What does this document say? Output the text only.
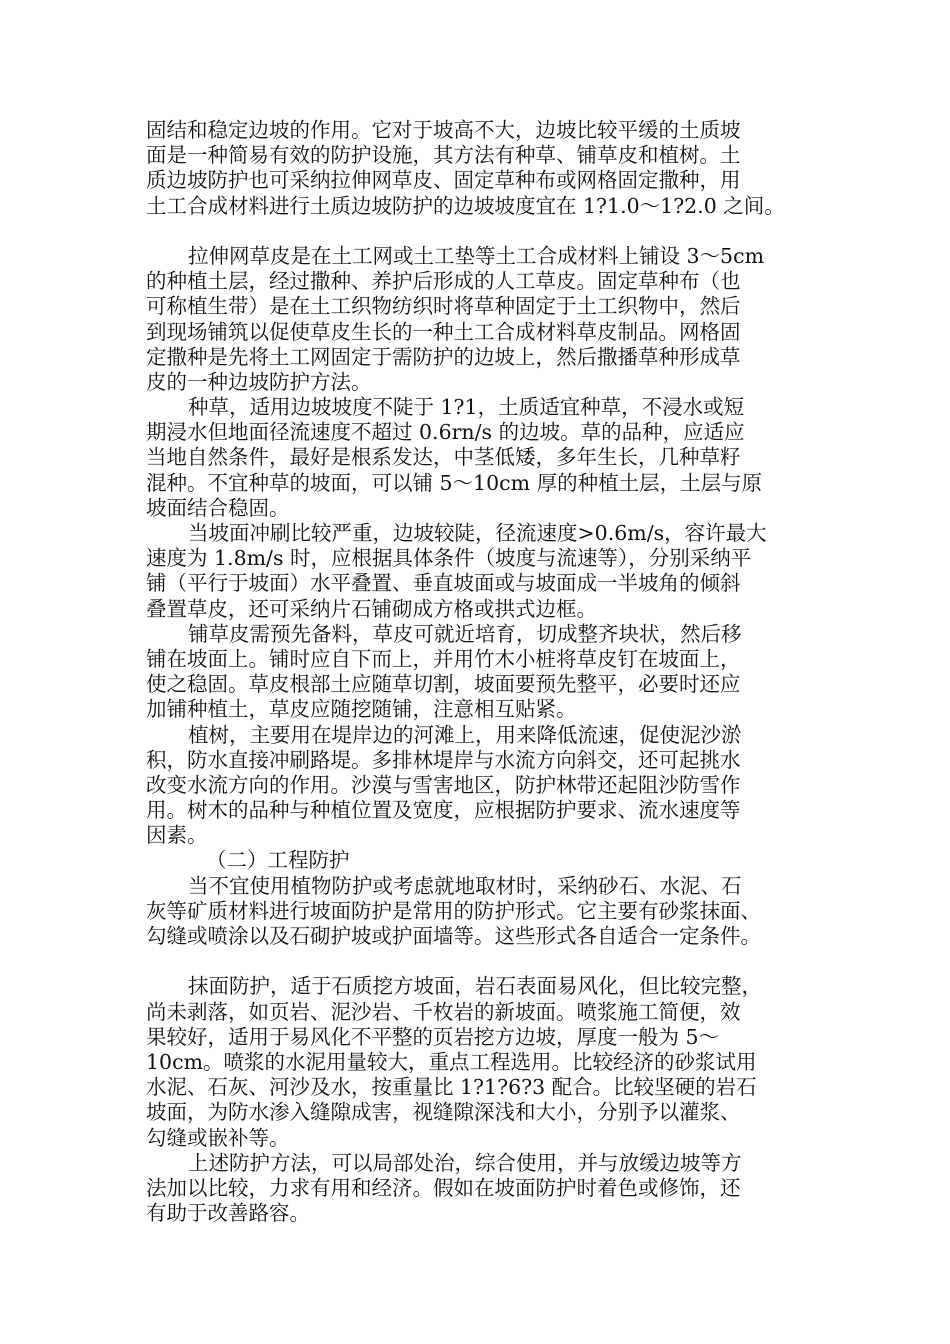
固结和稳定边坡的作用。它对于坡高不大，边坡比较平缓的土质坡
面是一种简易有效的防护设施，其方法有种草、铺草皮和植树。土
质边坡防护也可采纳拉伸网草皮、固定草种布或网格固定撒种，用
土工合成材料进行土质边坡防护的边坡坡度宜在 1?1.0～1?2.0 之间。
拉伸网草皮是在土工网或土工垫等土工合成材料上铺设 3～5cm
的种植土层，经过撒种、养护后形成的人工草皮。固定草种布（也
可称植生带）是在土工织物纺织时将草种固定于土工织物中，然后
到现场铺筑以促使草皮生长的一种土工合成材料草皮制品。网格固
定撒种是先将土工网固定于需防护的边坡上，然后撒播草种形成草
皮的一种边坡防护方法。
种草，适用边坡坡度不陡于 1?1，土质适宜种草，不浸水或短
期浸水但地面径流速度不超过 0.6rn/s 的边坡。草的品种，应适应
当地自然条件，最好是根系发达，中茎低矮，多年生长，几种草籽
混种。不宜种草的坡面，可以铺 5～10cm 厚的种植土层，土层与原
坡面结合稳固。
当坡面冲刷比较严重，边坡较陡，径流速度>0.6m/s，容许最大
速度为 1.8m/s 时，应根据具体条件（坡度与流速等），分别采纳平
铺（平行于坡面）水平叠置、垂直坡面或与坡面成一半坡角的倾斜
叠置草皮，还可采纳片石铺砌成方格或拱式边框。
铺草皮需预先备料，草皮可就近培育，切成整齐块状，然后移
铺在坡面上。铺时应自下而上，并用竹木小桩将草皮钉在坡面上，
使之稳固。草皮根部土应随草切割，坡面要预先整平，必要时还应
加铺种植土，草皮应随挖随铺，注意相互贴紧。
植树，主要用在堤岸边的河滩上，用来降低流速，促使泥沙淤
积，防水直接冲刷路堤。多排林堤岸与水流方向斜交，还可起挑水
改变水流方向的作用。沙漠与雪害地区，防护林带还起阻沙防雪作
用。树木的品种与种植位置及宽度，应根据防护要求、流水速度等
因素。
（二）工程防护
当不宜使用植物防护或考虑就地取材时，采纳砂石、水泥、石
灰等矿质材料进行坡面防护是常用的防护形式。它主要有砂浆抹面、
勾缝或喷涂以及石砌护坡或护面墙等。这些形式各自适合一定条件。
抹面防护，适于石质挖方坡面，岩石表面易风化，但比较完整，
尚未剥落，如页岩、泥沙岩、千枚岩的新坡面。喷浆施工简便，效
果较好，适用于易风化不平整的页岩挖方边坡，厚度一般为 5～
10cm。喷浆的水泥用量较大，重点工程选用。比较经济的砂浆试用
水泥、石灰、河沙及水，按重量比 1?1?6?3 配合。比较坚硬的岩石
坡面，为防水渗入缝隙成害，视缝隙深浅和大小，分别予以灌浆、
勾缝或嵌补等。
上述防护方法，可以局部处治，综合使用，并与放缓边坡等方
法加以比较，力求有用和经济。假如在坡面防护时着色或修饰，还
有助于改善路容。
